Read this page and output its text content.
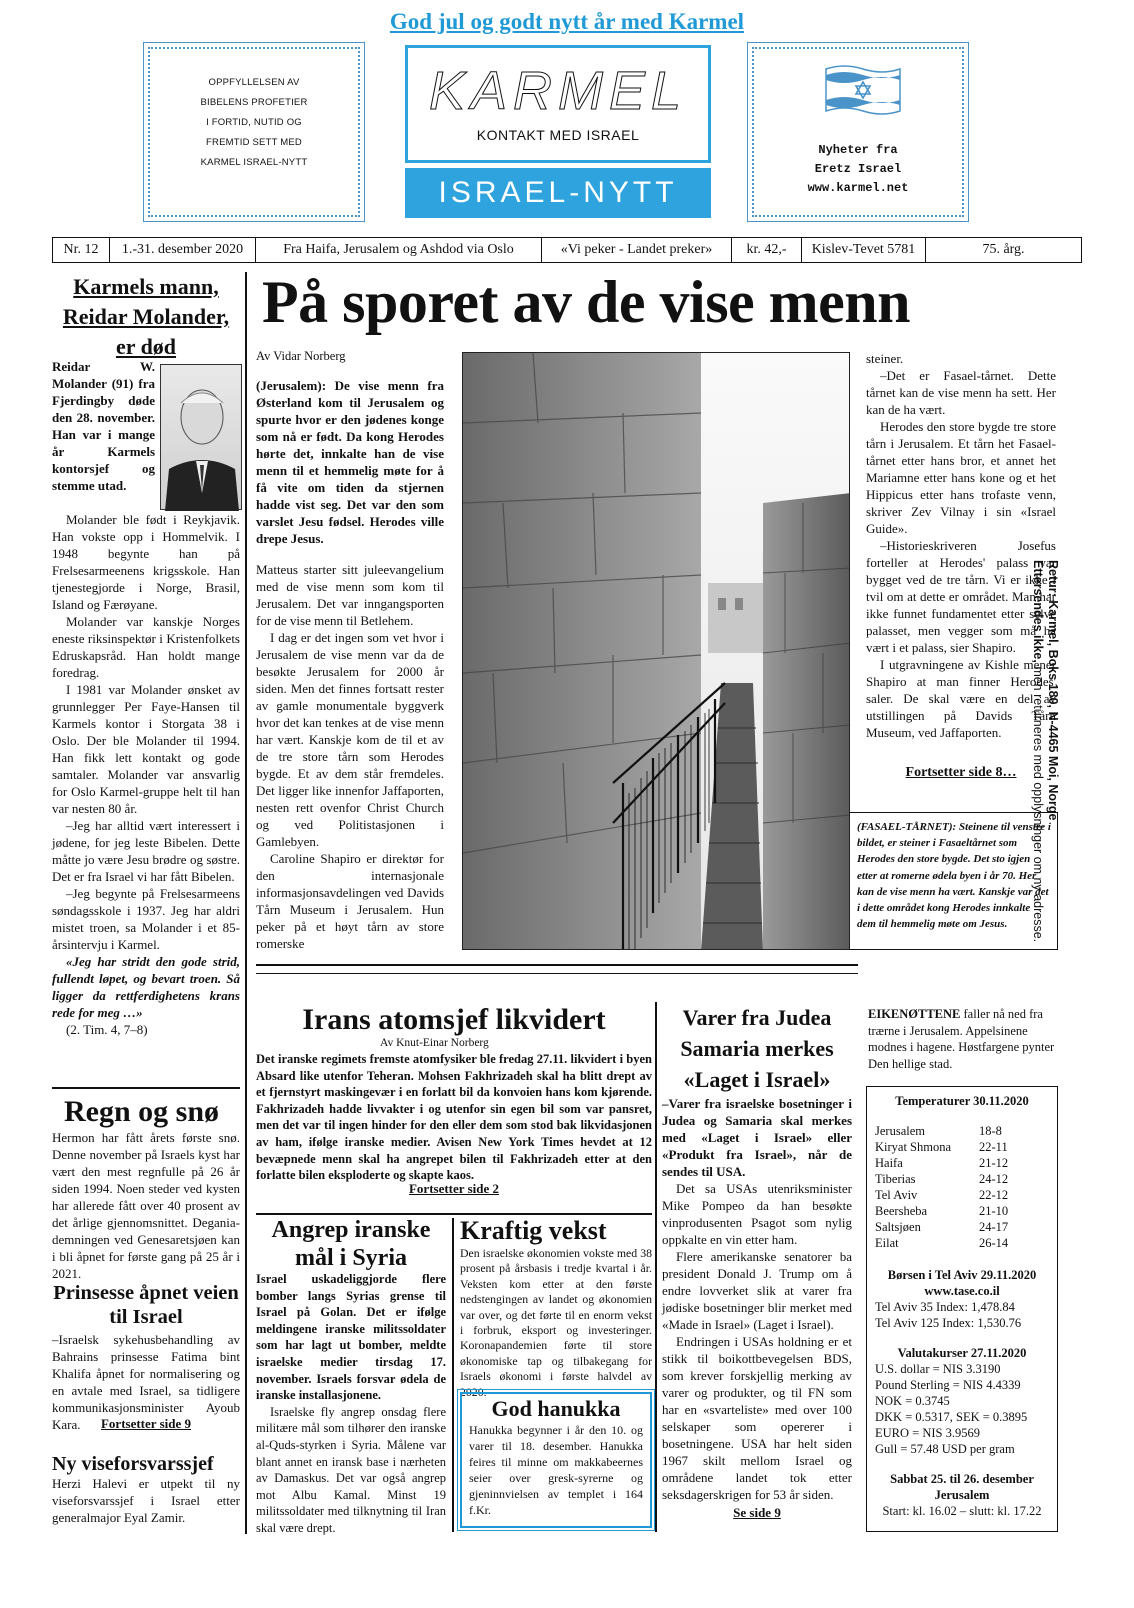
God jul og godt nytt år med Karmel
OPPFYLLELSEN AV
BIBELENS PROFETIER
I FORTID, NUTID OG
FREMTID SETT MED
KARMEL ISRAEL-NYTT
KARMEL
KONTAKT MED ISRAEL
ISRAEL-NYTT
Nyheter fra
Eretz Israel
www.karmel.net
Nr. 12	1.-31. desember 2020	Fra Haifa, Jerusalem og Ashdod via Oslo	«Vi peker - Landet preker»	kr. 42,-	Kislev-Tevet 5781	75. årg.
Retur: Karmel, Boks 180, N-4465 Moi, Norge
Ettersendes ikke, men returneres med opplysninger om ny adresse.
Karmels mann, Reidar Molander, er død
Reidar W. Molander (91) fra Fjerdingby døde den 28. november. Han var i mange år Karmels kontorsjef og stemme utad.

Molander ble født i Reykjavik. Han vokste opp i Hommelvik. I 1948 begynte han på Frelsesarmeenens krigsskole. Han tjenestegjorde i Norge, Brasil, Island og Færøyane.

Molander var kanskje Norges eneste riksinspektør i Kristenfolkets Edruskapsråd. Han holdt mange foredrag.

I 1981 var Molander ønsket av grunnlegger Per Faye-Hansen til Karmels kontor i Storgata 38 i Oslo. Der ble Molander til 1994. Han fikk lett kontakt og gode samtaler. Molander var ansvarlig for Oslo Karmel-gruppe helt til han var nesten 80 år.

–Jeg har alltid vært interessert i jødene, for jeg leste Bibelen. Dette måtte jo være Jesu brødre og søstre. Det er fra Israel vi har fått Bibelen.

–Jeg begynte på Frelsesarmeens søndagsskole i 1937. Jeg har aldri mistet troen, sa Molander i et 85-årsintervju i Karmel.

«Jeg har stridt den gode strid, fullendt løpet, og bevart troen. Så ligger da rettferdighetens krans rede for meg …»

(2. Tim. 4, 7–8)

På sporet av de vise menn
Av Vidar Norberg

(Jerusalem): De vise menn fra Østerland kom til Jerusalem og spurte hvor er den jødenes konge som nå er født. Da kong Herodes hørte det, innkalte han de vise menn til et hemmelig møte for å få vite om tiden da stjernen hadde vist seg. Det var den som varslet Jesu fødsel. Herodes ville drepe Jesus.

Matteus starter sitt juleevangelium med de vise menn som kom til Jerusalem. Det var inngangsporten for de vise menn til Betlehem.

I dag er det ingen som vet hvor i Jerusalem de vise menn var da de besøkte Jerusalem for 2000 år siden. Men det finnes fortsatt rester av gamle monumentale byggverk hvor det kan tenkes at de vise menn har vært. Kanskje kom de til et av de tre store tårn som Herodes bygde. Et av dem står fremdeles. Det ligger like innenfor Jaffaporten, nesten rett ovenfor Christ Church og ved Politistasjonen i Gamlebyen.

Caroline Shapiro er direktør for den internasjonale informasjonsavdelingen ved Davids Tårn Museum i Jerusalem. Hun peker på et høyt tårn av store romerske

steiner.

–Det er Fasael-tårnet. Dette tårnet kan de vise menn ha sett. Her kan de ha vært.

Herodes den store bygde tre store tårn i Jerusalem. Et tårn het Fasael-tårnet etter hans bror, et annet het Mariamne etter hans kone og et het Hippicus etter hans trofaste venn, skriver Zev Vilnay i sin «Israel Guide».

–Historieskriveren Josefus forteller at Herodes' palass var bygget ved de tre tårn. Vi er ikke i tvil om at dette er området. Man har ikke funnet fundamentet etter selve palasset, men vegger som må ha vært i et palass, sier Shapiro.

I utgravningene av Kishle mener Shapiro at man finner Herodes' saler. De skal være en del av utstillingen på Davids Tårn Museum, ved Jaffaporten.

Fortsetter side 8…
(FASAEL-TÅRNET): Steinene til venstre i bildet, er steiner i Fasaeltårnet som Herodes den store bygde. Det sto igjen etter at romerne ødela byen i år 70. Her kan de vise menn ha vært. Kanskje var det i dette området kong Herodes innkalte dem til hemmelig møte om Jesus.
Regn og snø
Hermon har fått årets første snø. Denne november på Israels kyst har vært den mest regnfulle på 26 år siden 1994. Noen steder ved kysten har allerede fått over 40 prosent av det årlige gjennomsnittet. Degania-demningen ved Genesaretsjøen kan i bli åpnet for første gang på 25 år i 2021.
Prinsesse åpnet veien til Israel
–Israelsk sykehusbehandling av Bahrains prinsesse Fatima bint Khalifa åpnet for normalisering og en avtale med Israel, sa tidligere kommunikasjonsminister Ayoub Kara.	Fortsetter side 9
Ny viseforsvarssjef
Herzi Halevi er utpekt til ny viseforsvarssjef i Israel etter generalmajor Eyal Zamir.
Irans atomsjef likvidert
Av Knut-Einar Norberg
Det iranske regimets fremste atomfysiker ble fredag 27.11. likvidert i byen Absard like utenfor Teheran. Mohsen Fakhrizadeh skal ha blitt drept av et fjernstyrt maskingevær i en forlatt bil da konvoien hans kom kjørende. Fakhrizadeh hadde livvakter i og utenfor sin egen bil som var pansret, men det var til ingen hinder for den eller dem som stod bak likvidasjonen av ham, ifølge iranske medier. Avisen New York Times hevdet at 12 bevæpnede menn skal ha angrepet bilen til Fakhrizadeh etter at den forlatte bilen eksploderte og skapte kaos.
Fortsetter side 2
Angrep iranske mål i Syria

Israel uskadeliggjorde flere bomber langs Syrias grense til Israel på Golan. Det er ifølge meldingene iranske militssoldater som har lagt ut bomber, meldte israelske medier tirsdag 17. november. Israels forsvar ødela de iranske installasjonene.

Israelske fly angrep onsdag flere militære mål som tilhører den iranske al-Quds-styrken i Syria. Målene var blant annet en iransk base i nærheten av Damaskus. Det var også angrep mot Albu Kamal. Minst 19 militssoldater med tilknytning til Iran skal være drept.

Kraftig vekst
Den israelske økonomien vokste med 38 prosent på årsbasis i tredje kvartal i år. Veksten kom etter at den første nedstengingen av landet og økonomien var over, og det førte til en enorm vekst i forbruk, eksport og investeringer. Koronapandemien førte til store økonomiske tap og tilbakegang for Israels økonomi i første halvdel av 2020.
God hanukka
Hanukka begynner i år den 10. og varer til 18. desember. Hanukka feires til minne om makkabeernes seier over gresk-syrerne og gjeninnvielsen av templet i 164 f.Kr.
Varer fra Judea Samaria merkes «Laget i Israel»

–Varer fra israelske bosetninger i Judea og Samaria skal merkes med «Laget i Israel» eller «Produkt fra Israel», når de sendes til USA.

Det sa USAs utenriksminister Mike Pompeo da han besøkte vinprodusenten Psagot som nylig oppkalte en vin etter ham.

Flere amerikanske senatorer ba president Donald J. Trump om å endre lovverket slik at varer fra jødiske bosetninger blir merket med «Made in Israel» (Laget i Israel).

Endringen i USAs holdning er et stikk til boikottbevegelsen BDS, som krever forskjellig merking av varer og produkter, og til FN som har en «svarteliste» med over 100 selskaper som opererer i bosetningene. USA har helt siden 1967 skilt mellom Israel og områdene landet tok etter seksdagerskrigen for 53 år siden.

Se side 9
EIKENØTTENE faller nå ned fra trærne i Jerusalem. Appelsinene modnes i hagene. Høstfargene pynter Den hellige stad.
Temperaturer 30.11.2020
Jerusalem	18-8
Kiryat Shmona	22-11
Haifa	21-12
Tiberias	24-12
Tel Aviv	22-12
Beersheba	21-10
Saltsjøen	24-17
Eilat	26-14
Børsen i Tel Aviv 29.11.2020
www.tase.co.il
Tel Aviv 35 Index: 1,478.84
Tel Aviv 125 Index: 1,530.76
Valutakurser 27.11.2020
U.S. dollar = NIS 3.3190
Pound Sterling = NIS 4.4339
NOK = 0.3745
DKK = 0.5317, SEK = 0.3895
EURO = NIS 3.9569
Gull = 57.48 USD per gram
Sabbat 25. til 26. desember
Jerusalem
Start: kl. 16.02 – slutt: kl. 17.22
